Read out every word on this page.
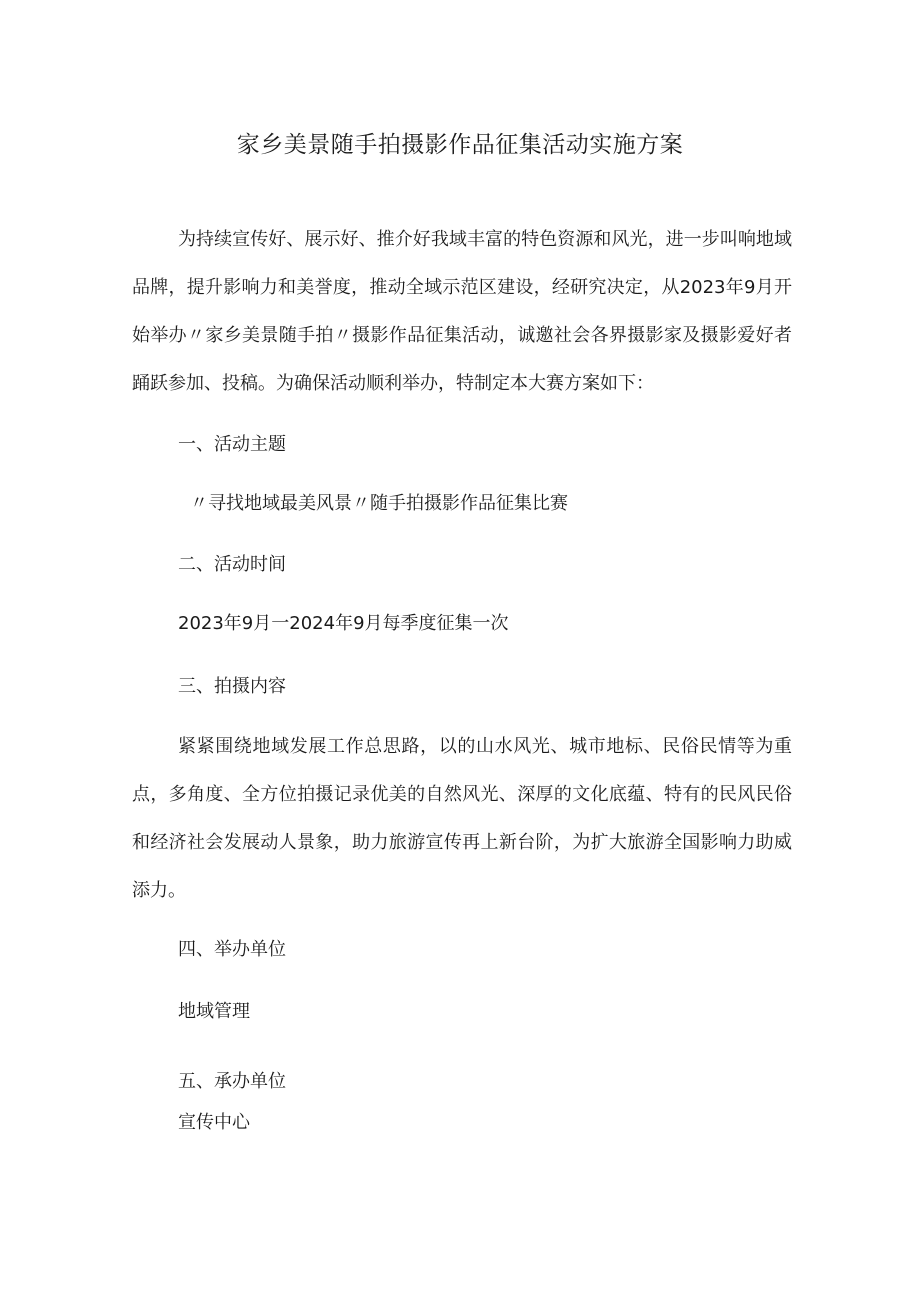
家乡美景随手拍摄影作品征集活动实施方案
为持续宣传好、展示好、推介好我域丰富的特色资源和风光，进一步叫响地域品牌，提升影响力和美誉度，推动全域示范区建设，经研究决定，从2023年9月开始举办〃家乡美景随手拍〃摄影作品征集活动，诚邀社会各界摄影家及摄影爱好者踊跃参加、投稿。为确保活动顺利举办，特制定本大赛方案如下：
一、活动主题
〃寻找地域最美风景〃随手拍摄影作品征集比赛
二、活动时间
2023年9月一2024年9月每季度征集一次
三、拍摄内容
紧紧围绕地域发展工作总思路，以的山水风光、城市地标、民俗民情等为重点，多角度、全方位拍摄记录优美的自然风光、深厚的文化底蕴、特有的民风民俗和经济社会发展动人景象，助力旅游宣传再上新台阶，为扩大旅游全国影响力助威添力。
四、举办单位
地域管理
五、承办单位
宣传中心
